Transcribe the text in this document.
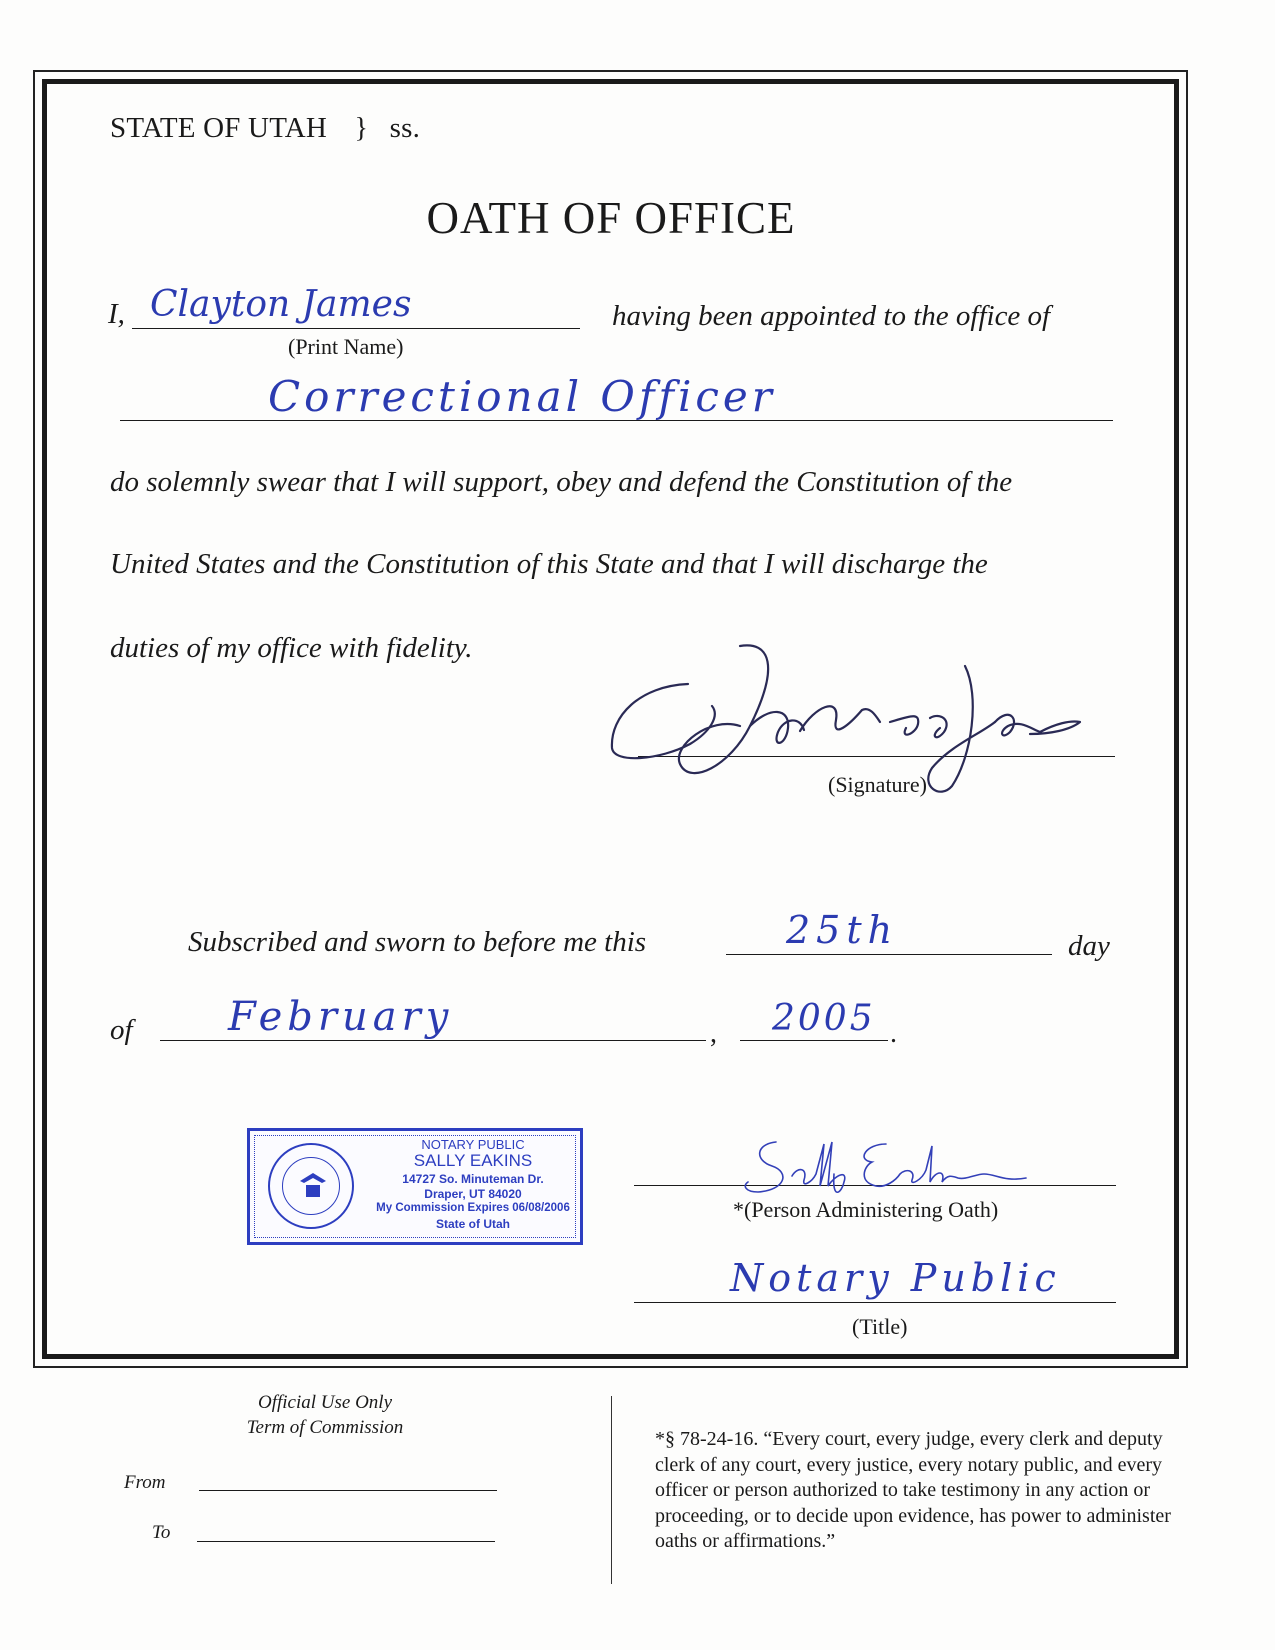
STATE OF UTAH } ss.
OATH OF OFFICE
I, Clayton James
(Print Name)
having been appointed to the office of
Correctional Officer
do solemnly swear that I will support, obey and defend the Constitution of the
United States and the Constitution of this State and that I will discharge the
duties of my office with fidelity.
(Signature)
Subscribed and sworn to before me this	25th	day
of February	, 2005 .
NOTARY PUBLIC
SALLY EAKINS
14727 So. Minuteman Dr.
Draper, UT 84020
My Commission Expires 06/08/2006
State of Utah
*(Person Administering Oath)
Notary Public
(Title)
Official Use Only
Term of Commission
From
To
*§ 78-24-16. “Every court, every judge, every clerk and deputy clerk of any court, every justice, every notary public, and every officer or person authorized to take testimony in any action or proceeding, or to decide upon evidence, has power to administer oaths or affirmations.”
